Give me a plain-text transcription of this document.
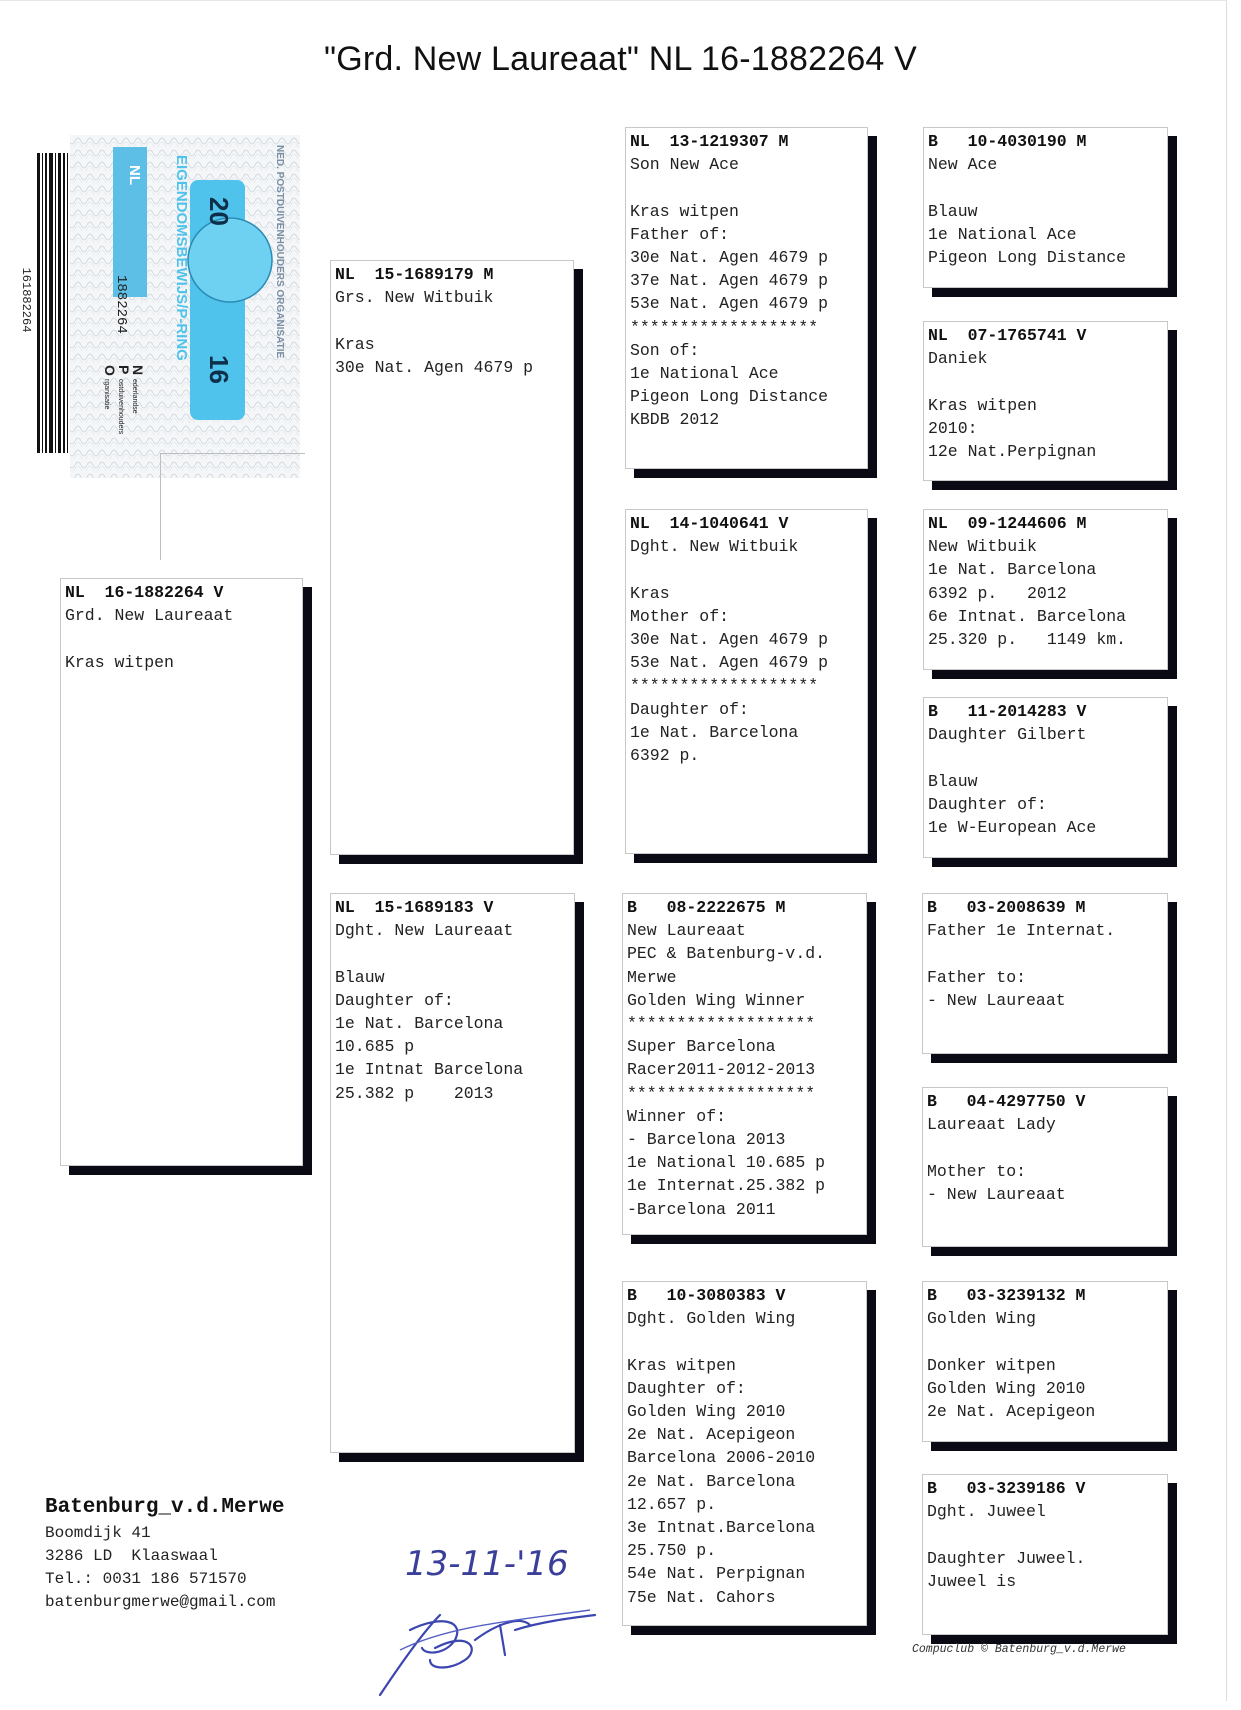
"Grd. New Laureaat" NL 16-1882264 V
161882264
NL
1882264
20
16
EIGENDOMSBEWIJS/P-RING	NED. POSTDUIVENHOUDERS ORGANISATIE
N
P
O
ederlandse
ostduivenhouders
rganisatie
NL  16-1882264 V
Grd. New Laureaat
Kras witpen
NL  15-1689179 M
Grs. New Witbuik
Kras
30e Nat. Agen 4679 p
NL  15-1689183 V
Dght. New Laureaat
Blauw
Daughter of:
1e Nat. Barcelona
10.685 p
1e Intnat Barcelona
25.382 p    2013
NL  13-1219307 M
Son New Ace
Kras witpen
Father of:
30e Nat. Agen 4679 p
37e Nat. Agen 4679 p
53e Nat. Agen 4679 p
*******************
Son of:
1e National Ace
Pigeon Long Distance
KBDB 2012
NL  14-1040641 V
Dght. New Witbuik
Kras
Mother of:
30e Nat. Agen 4679 p
53e Nat. Agen 4679 p
*******************
Daughter of:
1e Nat. Barcelona
6392 p.
B   08-2222675 M
New Laureaat
PEC & Batenburg-v.d.
Merwe
Golden Wing Winner
*******************
Super Barcelona
Racer2011-2012-2013
*******************
Winner of:
- Barcelona 2013
1e National 10.685 p
1e Internat.25.382 p
-Barcelona 2011
B   10-3080383 V
Dght. Golden Wing
Kras witpen
Daughter of:
Golden Wing 2010
2e Nat. Acepigeon
Barcelona 2006-2010
2e Nat. Barcelona
12.657 p.
3e Intnat.Barcelona
25.750 p.
54e Nat. Perpignan
75e Nat. Cahors
B   10-4030190 M
New Ace
Blauw
1e National Ace
Pigeon Long Distance
NL  07-1765741 V
Daniek
Kras witpen
2010:
12e Nat.Perpignan
NL  09-1244606 M
New Witbuik
1e Nat. Barcelona
6392 p.   2012
6e Intnat. Barcelona
25.320 p.   1149 km.
B   11-2014283 V
Daughter Gilbert
Blauw
Daughter of:
1e W-European Ace
B   03-2008639 M
Father 1e Internat.
Father to:
- New Laureaat
B   04-4297750 V
Laureaat Lady
Mother to:
- New Laureaat
B   03-3239132 M
Golden Wing
Donker witpen
Golden Wing 2010
2e Nat. Acepigeon
B   03-3239186 V
Dght. Juweel
Daughter Juweel.
Juweel is
Batenburg_v.d.Merwe
Boomdijk 41
3286 LD  Klaaswaal
Tel.: 0031 186 571570
batenburgmerwe@gmail.com
13-11-'16
Compuclub © Batenburg_v.d.Merwe
